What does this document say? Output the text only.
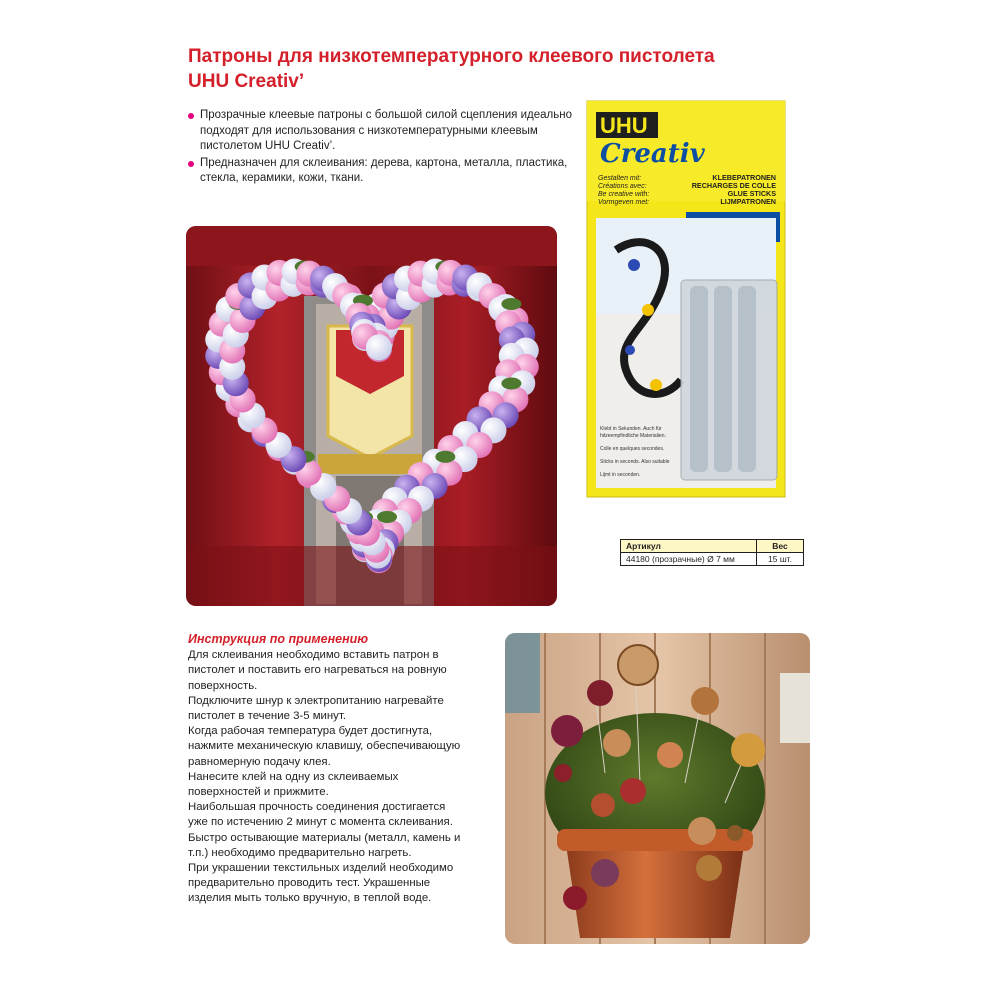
Патроны для низкотемпературного клеевого пистолета
UHU Creativ’
Прозрачные клеевые патроны с большой силой сцепления идеально подходят для использования с низкотемпературными клеевым пистолетом UHU Creativ’.
Предназначен для склеивания: дерева, картона, металла, пластика, стекла, керамики, кожи, ткани.
UHU
Creativ
Gestalten mit:
Créations avec:
Be creative with:
Vormgeven met:
KLEBEPATRONEN
RECHARGES DE COLLE
GLUE STICKS
LIJMPATRONEN
Klebt in Sekunden. Auch für
hitzeempfindliche Materialien.
Colle en quelques secondes.
Sticks in seconds. Also suitable
Lijmt in seconden.
Артикул	Вес
44180 (прозрачные) Ø 7 мм	15 шт.
Инструкция по применению

Для склеивания необходимо вставить патрон в

пистолет и поставить его нагреваться на ровную

поверхность.

Подключите шнур к электропитанию нагревайте

пистолет в течение 3-5 минут.

Когда рабочая температура будет достигнута,

нажмите механическую клавишу, обеспечивающую

равномерную подачу клея.

Нанесите клей на одну из склеиваемых

поверхностей и прижмите.

Наибольшая прочность соединения достигается

уже по истечению 2 минут с момента склеивания.

Быстро остывающие материалы (металл, камень и

т.п.) необходимо предварительно нагреть.

При украшении текстильных изделий необходимо

предварительно проводить тест. Украшенные

изделия мыть только вручную, в теплой воде.
